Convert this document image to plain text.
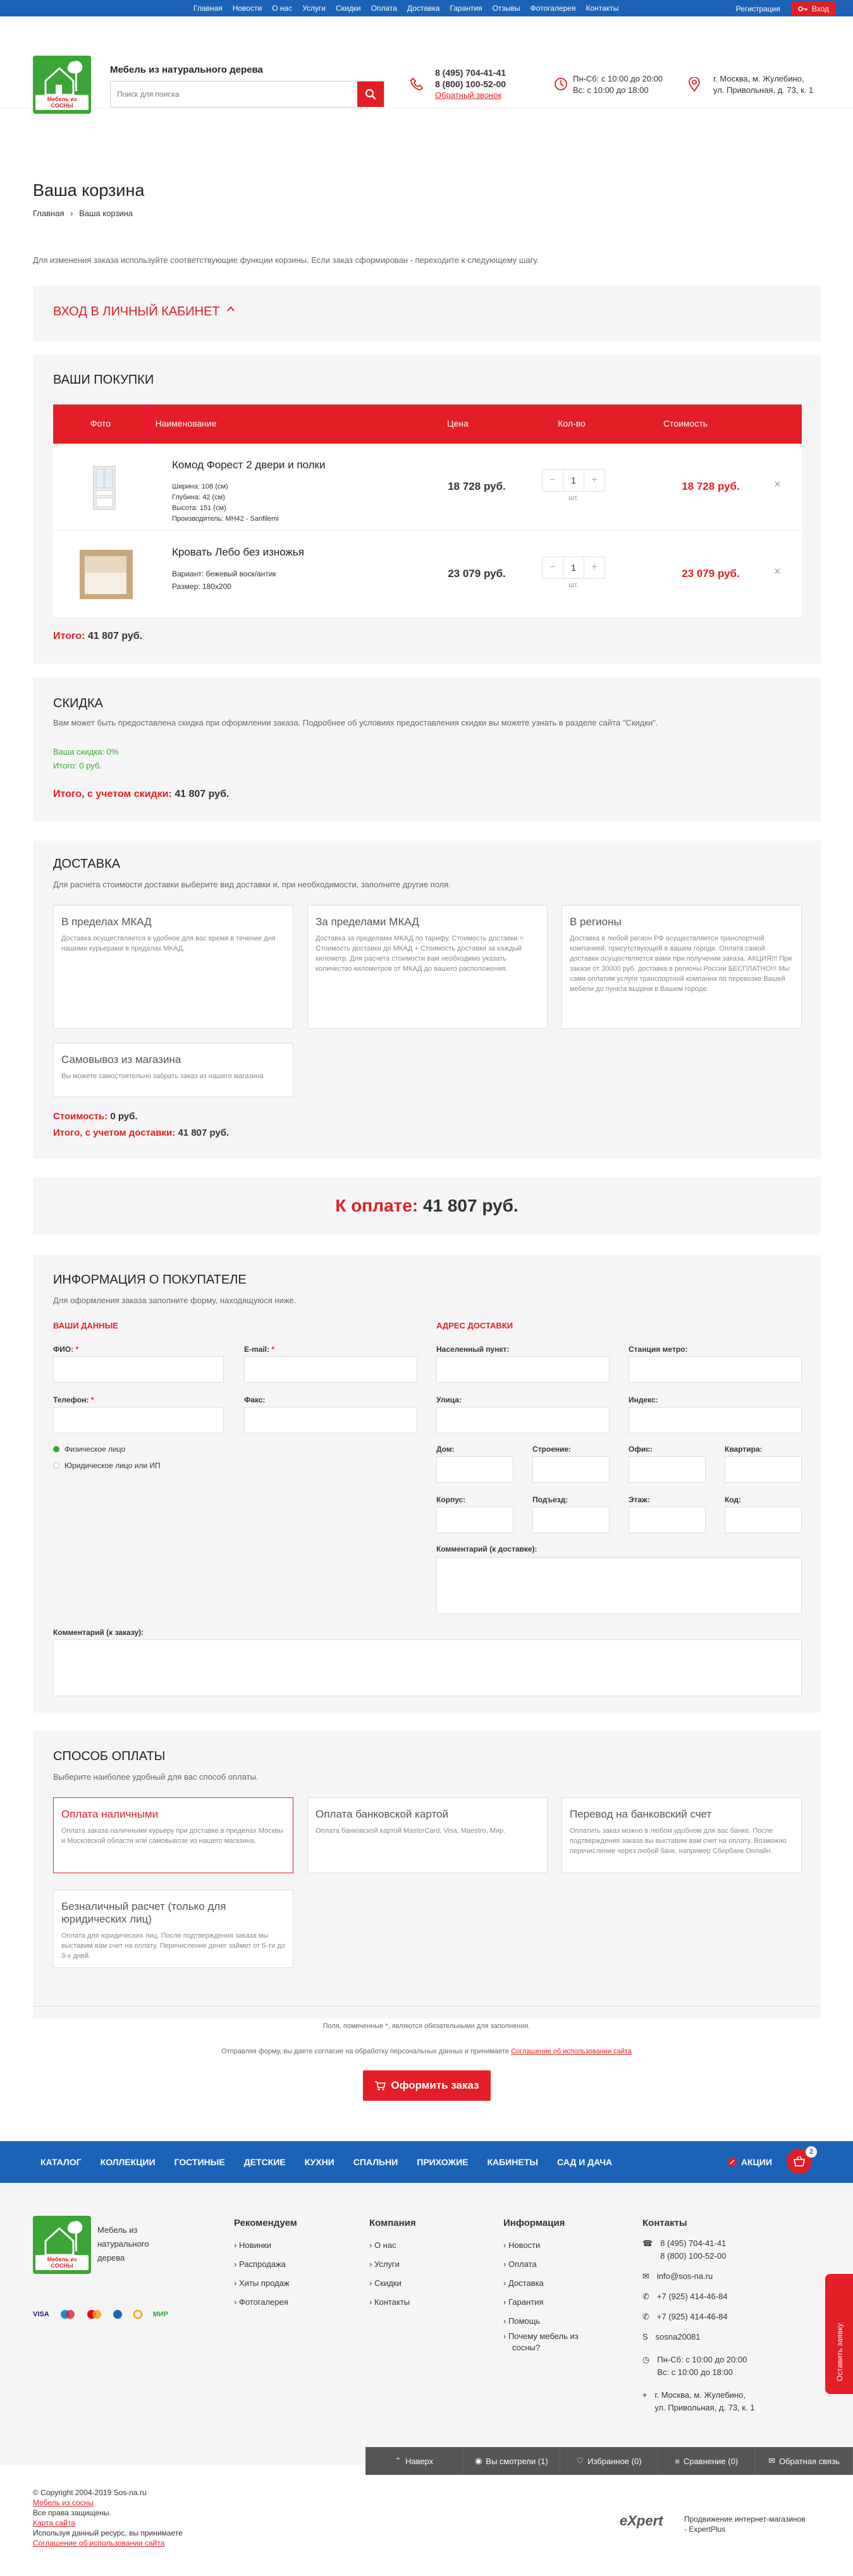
Главная Новости О нас Услуги Скидки Оплата Доставка Гарантия Отзывы Фотогалерея Контакты	Регистрация	Вход
Мебель из СОСНЫ
Мебель из натурального дерева
Поиск для поиска	8 (495) 704-41-41
8 (800) 100-52-00
Обратный звонок
Пн-Сб: с 10:00 до 20:00
Вс: с 10:00 до 18:00
г. Москва, м. Жулебино,
ул. Привольная, д. 73, к. 1
Ваша корзина
Главная › Ваша корзина
Для изменения заказа используйте соответствующие функции корзины. Если заказ сформирован - переходите к следующему шагу.
ВХОД В ЛИЧНЫЙ КАБИНЕТ
ВАШИ ПОКУПКИ
Фото	Наименование	Цена	Кол-во	Стоимость
Комод Форест 2 двери и полки
Ширина: 108 (см)
Глубина: 42 (см)
Высота: 151 (см)
Производитель: МН42 - Sanfilemi
18 728 руб.
−	1	+
шт.
18 728 руб.	×
Кровать Лебо без изножья
Вариант: бежевый воск/антик
Размер: 180x200
23 079 руб.
−	1	+
шт.
23 079 руб.	×
Итого: 41 807 руб.
СКИДКА

Вам может быть предоставлена скидка при оформлении заказа. Подробнее об условиях предоставления скидки вы можете узнать в разделе сайта "Скидки".

Ваша скидка: 0%
Итого: 0 руб.
Итого, с учетом скидки: 41 807 руб.
ДОСТАВКА

Для расчета стоимости доставки выберите вид доставки и, при необходимости, заполните другие поля.

В пределах МКАД
Доставка осуществляется в удобное для вас время в течение дня нашими курьерами в пределах МКАД.
За пределами МКАД
Доставка за пределами МКАД по тарифу. Стоимость доставки = Стоимость доставки до МКАД + Стоимость доставки за каждый километр. Для расчета стоимости вам необходимо указать количество километров от МКАД до вашего расположения.
В регионы
Доставка в любой регион РФ осуществляется транспортной компанией, присутствующей в вашем городе. Оплата самой доставки осуществляется вами при получении заказа. АКЦИЯ!!! При заказе от 30000 руб. доставка в регионы России БЕСПЛАТНО!!! Мы сами оплатим услуги транспортной компании по перевозке Вашей мебели до пункта выдачи в Вашем городе.
Самовывоз из магазина
Вы можете самостоятельно забрать заказ из нашего магазина
Стоимость: 0 руб.
Итого, с учетом доставки: 41 807 руб.
К оплате: 41 807 руб.
ИНФОРМАЦИЯ О ПОКУПАТЕЛЕ

Для оформления заказа заполните форму, находящуюся ниже.

ВАШИ ДАННЫЕ	АДРЕС ДОСТАВКИ
ФИО: *	E-mail: *
Телефон: *	Факс:
Физическое лицо
Юридическое лицо или ИП
Населенный пункт:	Станция метро:
Улица:	Индекс:
Дом:	Строение:	Офис:	Квартира:
Корпус:	Подъезд:	Этаж:	Код:
Комментарий (к доставке):
Комментарий (к заказу):
СПОСОБ ОПЛАТЫ

Выберите наиболее удобный для вас способ оплаты.

Оплата наличными
Оплата заказа наличными курьеру при доставке в пределах Москвы и Московской области или самовывозе из нашего магазина.
Оплата банковской картой
Оплата банковской картой MasterCard, Visa, Maestro, Мир.
Перевод на банковский счет
Оплатить заказ можно в любом удобном для вас банке. После подтверждения заказа вы выставим вам счет на оплату. Возможно перечисление через любой банк, например Сбербанк Онлайн.
Безналичный расчет (только для юридических лиц)
Оплата для юридических лиц. После подтверждения заказа мы выставим вам счет на оплату. Перечисление денег займет от 5-ти до 3-х дней.
Поля, помеченные *, являются обязательными для заполнения.
Отправляя форму, вы даете согласие на обработку персональных данных и принимаете Соглашение об использовании сайта
Оформить заказ
КАТАЛОГ КОЛЛЕКЦИИ ГОСТИНЫЕ ДЕТСКИЕ КУХНИ СПАЛЬНИ ПРИХОЖИЕ КАБИНЕТЫ САД И ДАЧА	АКЦИИ
2
Мебель из СОСНЫ
Мебель из натурального дерева
VISA	МИР
Рекомендуем
› Новинки
› Распродажа
› Хиты продаж
› Фотогалерея
Компания
› О нас
› Услуги
› Скидки
› Контакты
Информация
› Новости
› Оплата
› Доставка
› Гарантия
› Помощь
› Почему мебель из сосны?
Контакты
☎ 8 (495) 704-41-41
8 (800) 100-52-00
✉ info@sos-na.ru
✆ +7 (925) 414-46-84
✆ +7 (925) 414-46-84
S sosna20081
◷ Пн-Сб: с 10:00 до 20:00
Вс: с 10:00 до 18:00
⌖ г. Москва, м. Жулебино,
ул. Привольная, д. 73, к. 1
Оставить заявку
© Copyright 2004-2019 Sos-na.ru
Мебель из сосны
Все права защищены.
Карта сайта
Используя данный ресурс, вы принимаете
Соглашение об использовании сайта
eXpert	Продвижение интернет-магазинов
- ExpertPlus
⌃ Наверх	◉ Вы смотрели (1)	♡ Избранное (0)	≡ Сравнение (0)	✉ Обратная связь
